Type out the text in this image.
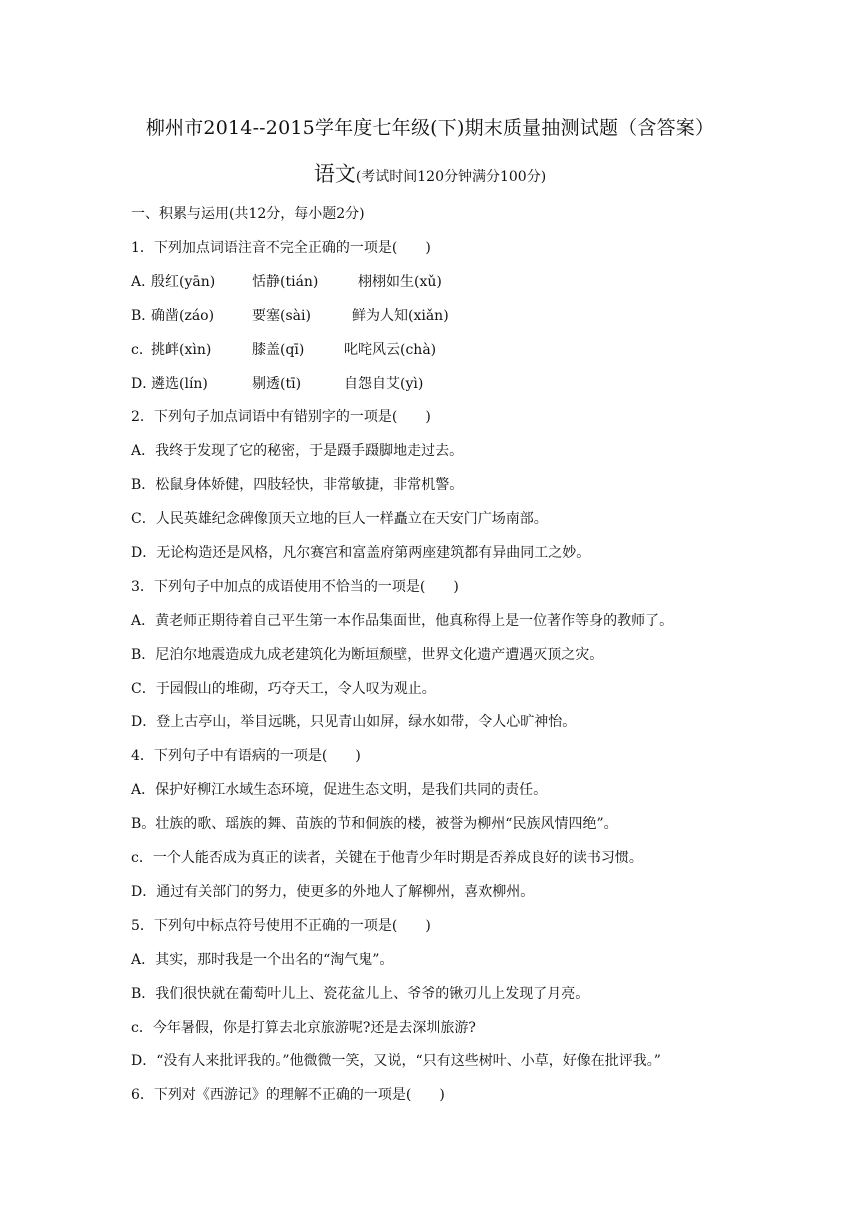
柳州市2014--2015学年度七年级(下)期末质量抽测试题（含答案）
语文(考试时间120分钟满分100分)
一、积累与运用(共12分，每小题2分)
1．下列加点词语注音不完全正确的一项是(　　)
A．
殷红(yān)	恬静(tián)	栩栩如生(xǔ)
B．
确凿(záo)	要塞(sài)	鲜为人知(xiǎn)
c．
挑衅(xìn)	膝盖(qī)	叱咤风云(chà)
D．
遴选(lín)	剔透(tī)	自怨自艾(yì)
2．下列句子加点词语中有错别字的一项是(　　)
A．我终于发现了它的秘密，于是蹑手蹑脚地走过去。
B．松鼠身体娇健，四肢轻快，非常敏捷，非常机警。
C．人民英雄纪念碑像顶天立地的巨人一样矗立在天安门广场南部。
D．无论构造还是风格，凡尔赛宫和富盖府第两座建筑都有异曲同工之妙。
3．下列句子中加点的成语使用不恰当的一项是(　　)
A．黄老师正期待着自己平生第一本作品集面世，他真称得上是一位著作等身的教师了。
B．尼泊尔地震造成九成老建筑化为断垣颓壁，世界文化遗产遭遇灭顶之灾。
C．于园假山的堆砌，巧夺天工，令人叹为观止。
D．登上古亭山，举目远眺，只见青山如屏，绿水如带，令人心旷神怡。
4．下列句子中有语病的一项是(　　)
A．保护好柳江水域生态环境，促进生态文明，是我们共同的责任。
B。壮族的歌、瑶族的舞、苗族的节和侗族的楼，被誉为柳州“民族风情四绝”。
c．一个人能否成为真正的读者，关键在于他青少年时期是否养成良好的读书习惯。
D．通过有关部门的努力，使更多的外地人了解柳州，喜欢柳州。
5．下列句中标点符号使用不正确的一项是(　　)
A．其实，那时我是一个出名的“淘气鬼”。
B．我们很快就在葡萄叶儿上、瓷花盆儿上、爷爷的锹刃儿上发现了月亮。
c．今年暑假，你是打算去北京旅游呢?还是去深圳旅游?
D．“没有人来批评我的。”他微微一笑，又说，“只有这些树叶、小草，好像在批评我。”
6．下列对《西游记》的理解不正确的一项是(　　)
